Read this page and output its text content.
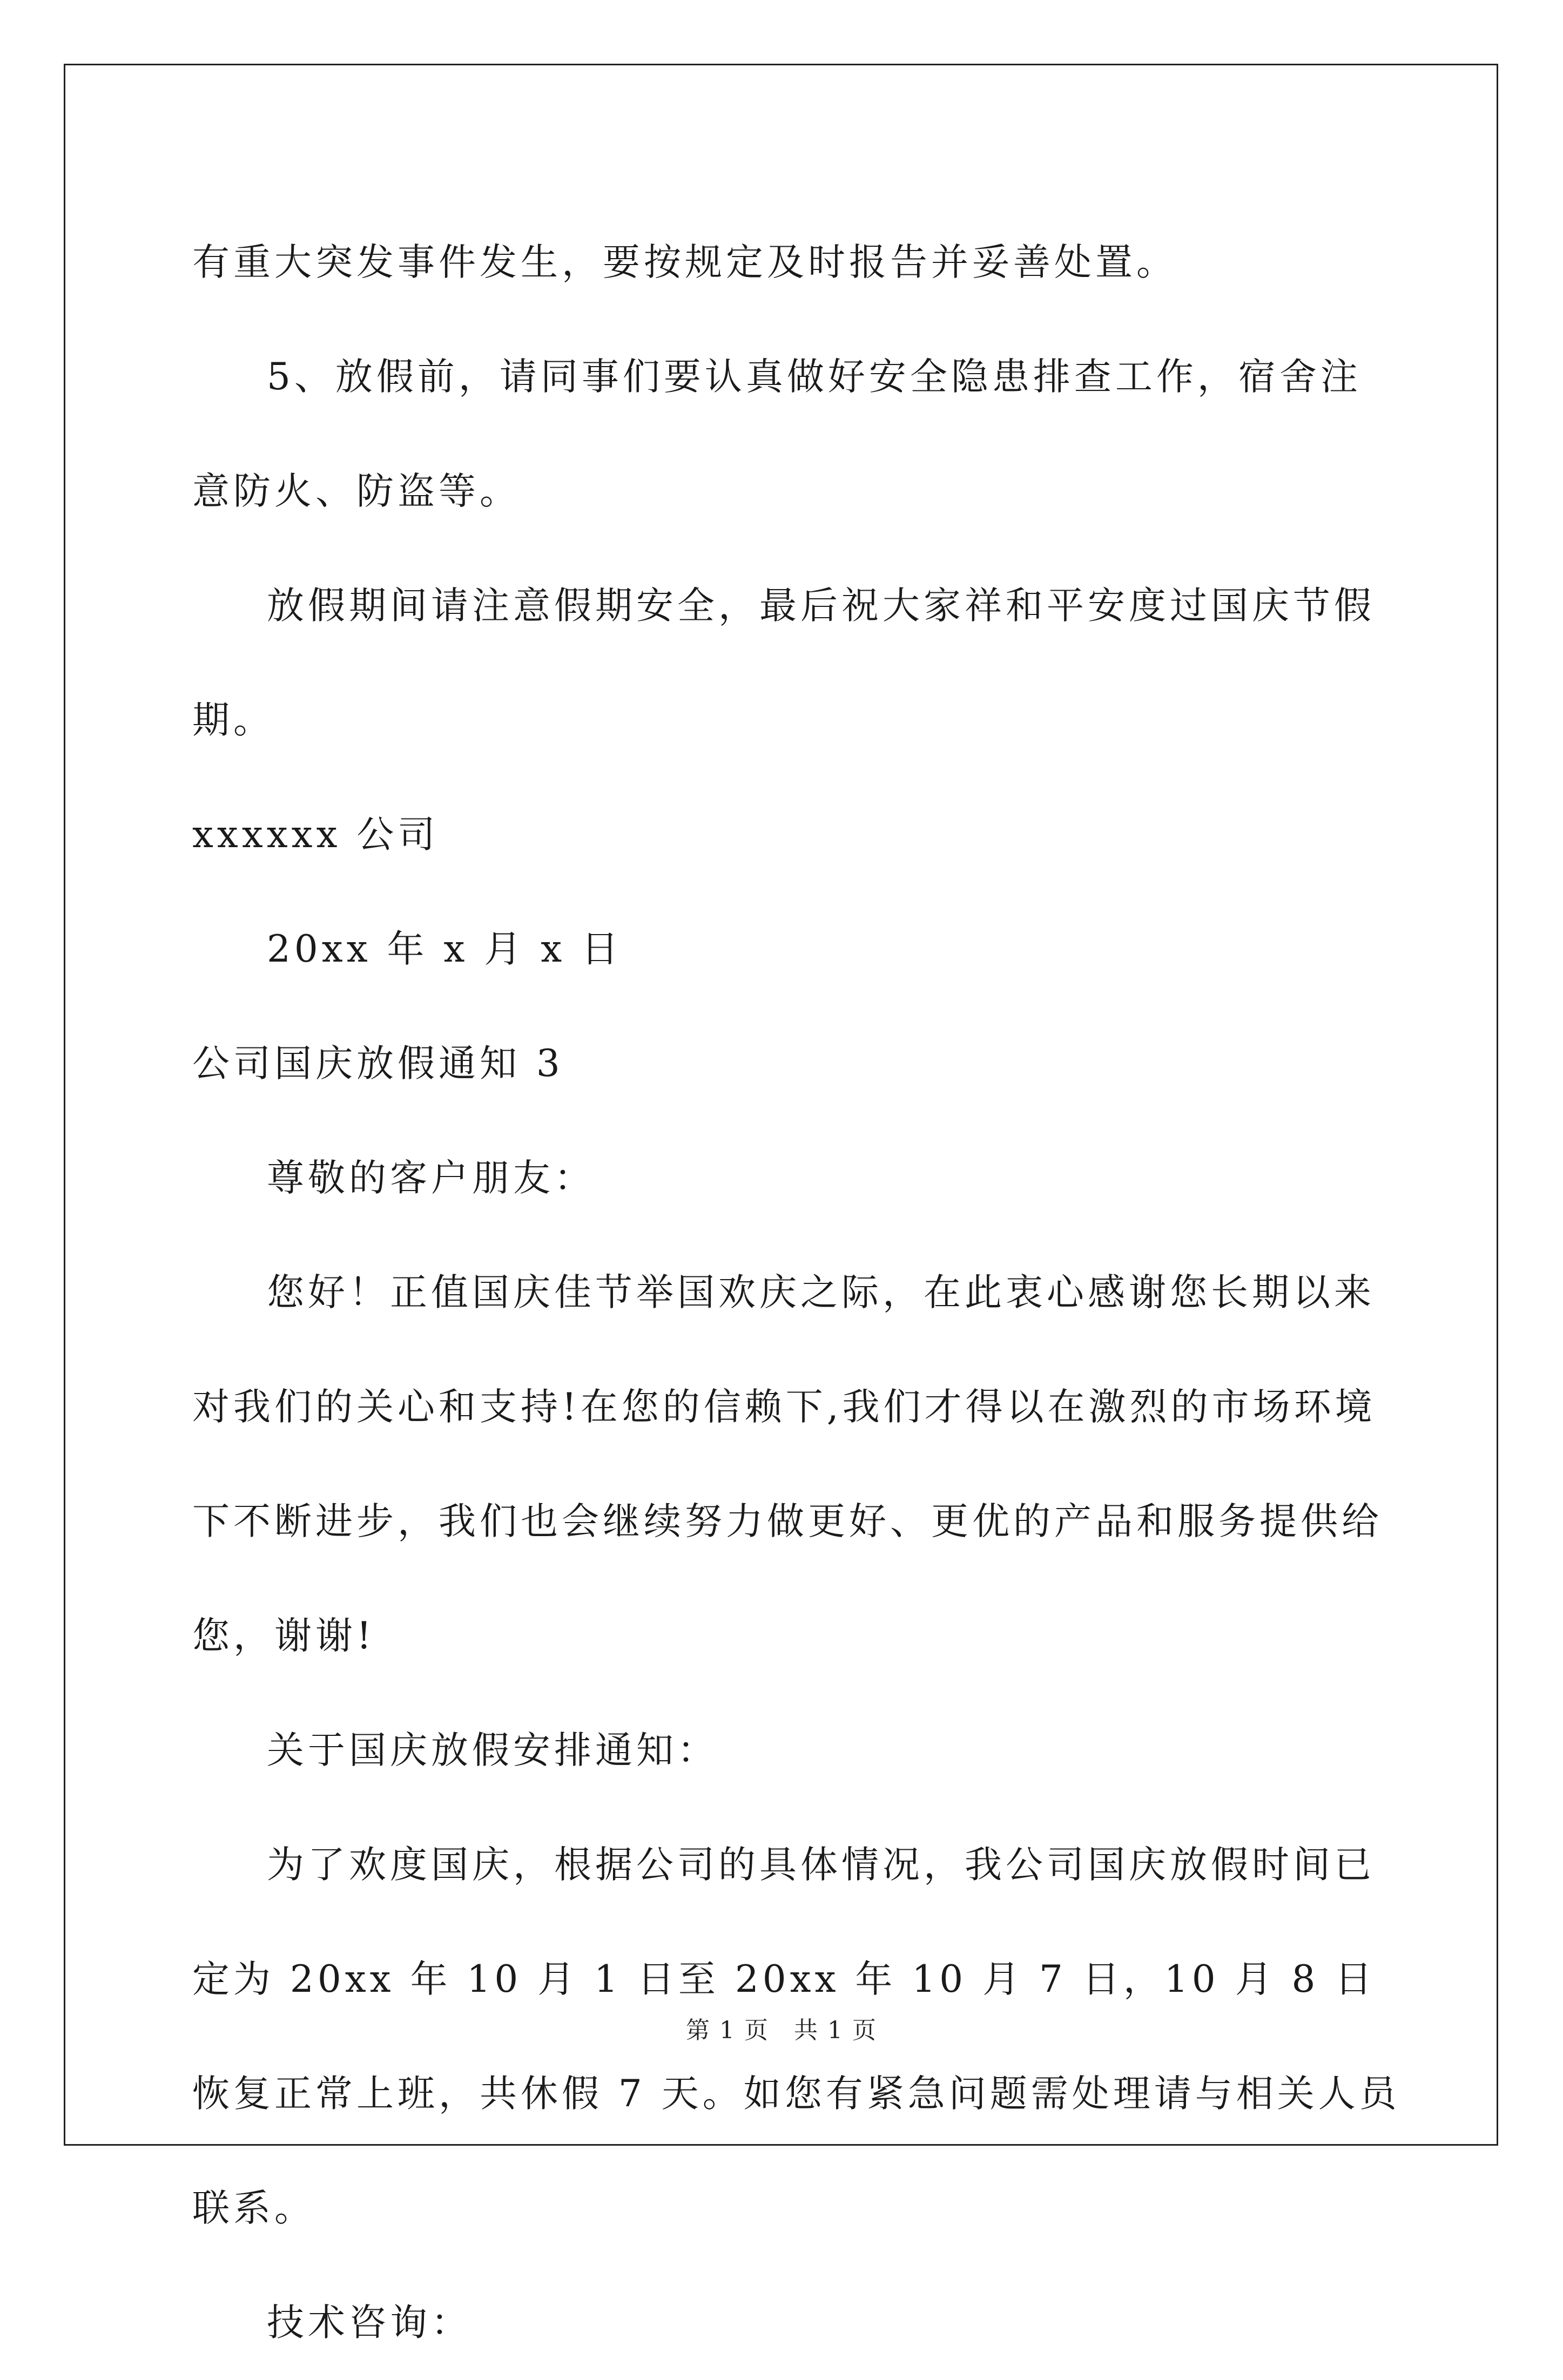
有重大突发事件发生，要按规定及时报告并妥善处置。

5、放假前，请同事们要认真做好安全隐患排查工作，宿舍注意防火、防盗等。

放假期间请注意假期安全，最后祝大家祥和平安度过国庆节假期。

xxxxxx 公司

20xx 年 x 月 x 日

公司国庆放假通知 3

尊敬的客户朋友：

您好！正值国庆佳节举国欢庆之际，在此衷心感谢您长期以来对我们的关心和支持!在您的信赖下,我们才得以在激烈的市场环境下不断进步，我们也会继续努力做更好、更优的产品和服务提供给您，谢谢!

关于国庆放假安排通知：

为了欢度国庆，根据公司的具体情况，我公司国庆放假时间已定为 20xx 年 10 月 1 日至 20xx 年 10 月 7 日，10 月 8 日恢复正常上班，共休假 7 天。如您有紧急问题需处理请与相关人员联系。

技术咨询：

第 1 页 共 1 页
